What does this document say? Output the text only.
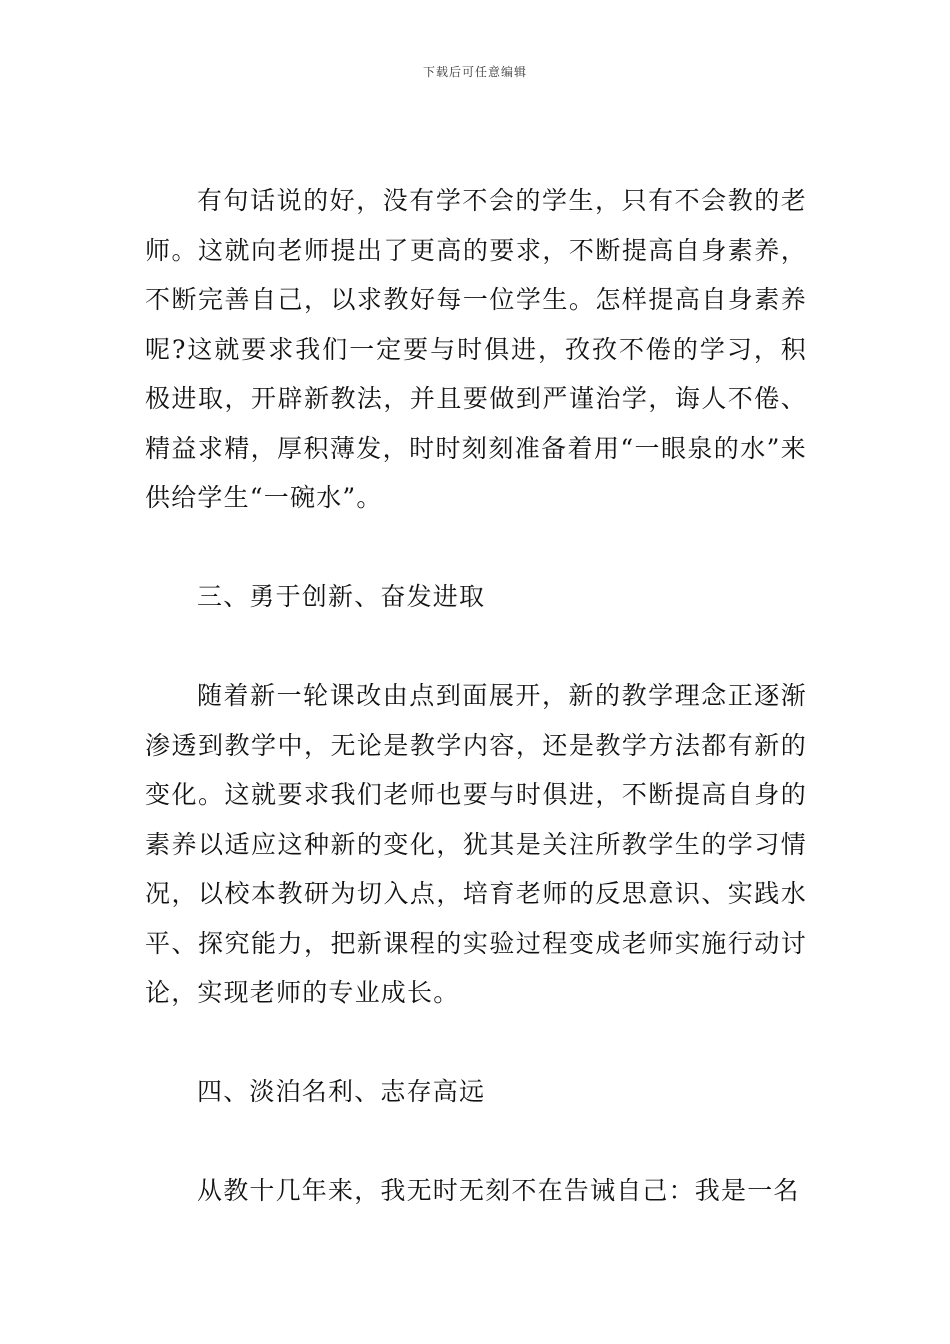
下载后可任意编辑

有句话说的好，没有学不会的学生，只有不会教的老师。这就向老师提出了更高的要求，不断提高自身素养，不断完善自己，以求教好每一位学生。怎样提高自身素养呢?这就要求我们一定要与时俱进，孜孜不倦的学习，积极进取，开辟新教法，并且要做到严谨治学，诲人不倦、精益求精，厚积薄发，时时刻刻准备着用“一眼泉的水”来供给学生“一碗水”。

三、勇于创新、奋发进取

随着新一轮课改由点到面展开，新的教学理念正逐渐渗透到教学中，无论是教学内容，还是教学方法都有新的变化。这就要求我们老师也要与时俱进，不断提高自身的素养以适应这种新的变化，犹其是关注所教学生的学习情况，以校本教研为切入点，培育老师的反思意识、实践水平、探究能力，把新课程的实验过程变成老师实施行动讨论，实现老师的专业成长。

四、淡泊名利、志存高远

从教十几年来，我无时无刻不在告诫自己：我是一名
